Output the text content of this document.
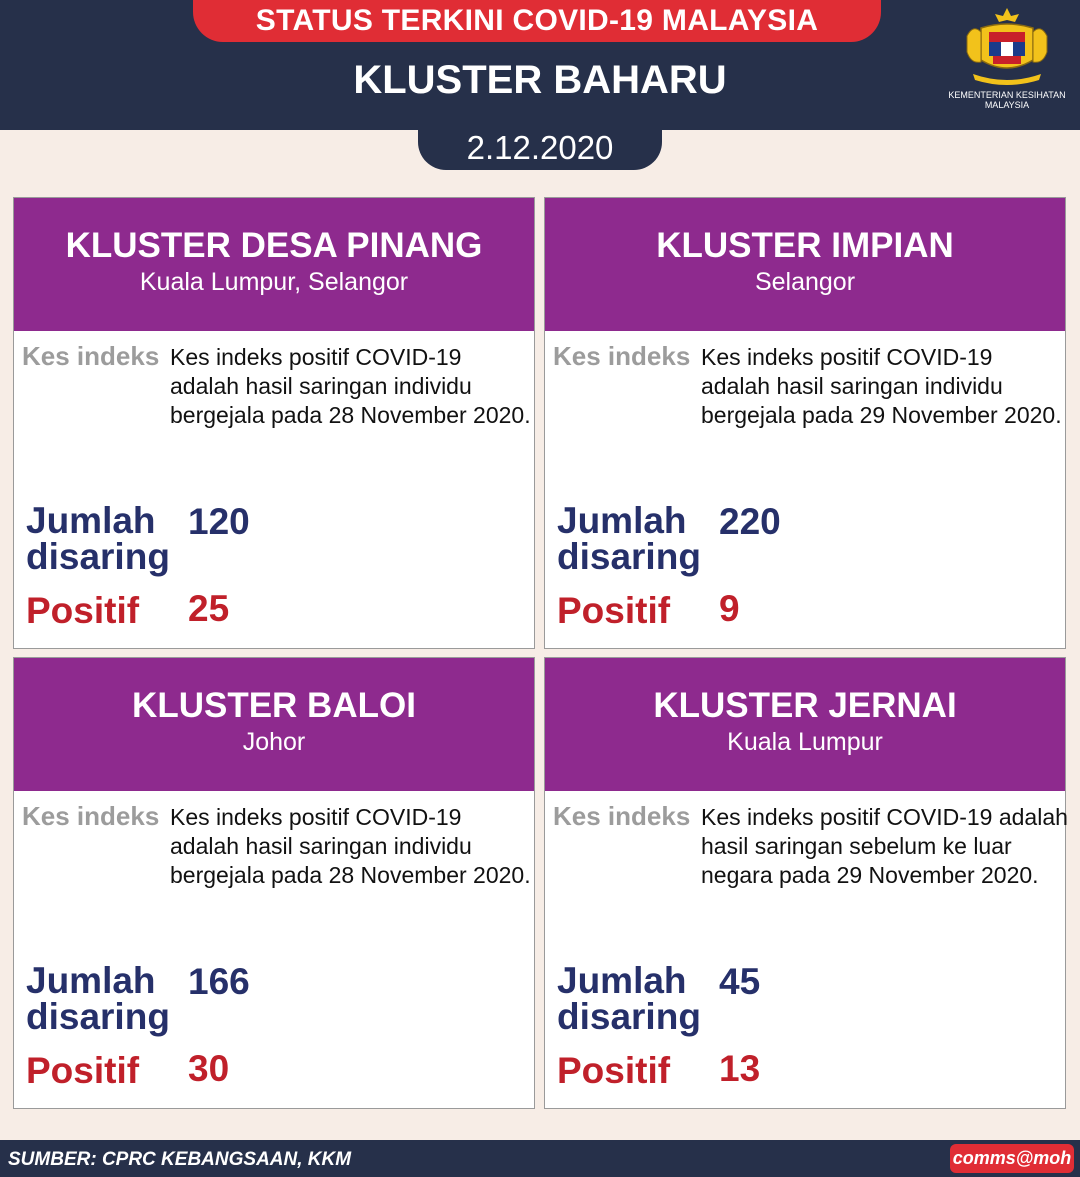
STATUS TERKINI COVID-19 MALAYSIA
KLUSTER BAHARU	KEMENTERIAN KESIHATAN MALAYSIA
2.12.2020
KLUSTER DESA PINANG
Kuala Lumpur, Selangor
Kes indeks Kes indeks positif COVID-19 adalah hasil saringan individu bergejala pada 28 November 2020.
Jumlah disaring
120
Positif 25
KLUSTER IMPIAN
Selangor
Kes indeks Kes indeks positif COVID-19 adalah hasil saringan individu bergejala pada 29 November 2020.
Jumlah disaring
220
Positif 9
KLUSTER BALOI
Johor
Kes indeks Kes indeks positif COVID-19 adalah hasil saringan individu bergejala pada 28 November 2020.
Jumlah disaring
166
Positif 30
KLUSTER JERNAI
Kuala Lumpur
Kes indeks Kes indeks positif COVID-19 adalah hasil saringan sebelum ke luar negara pada 29 November 2020.
Jumlah disaring
45
Positif 13
SUMBER: CPRC KEBANGSAAN, KKM	comms@moh
